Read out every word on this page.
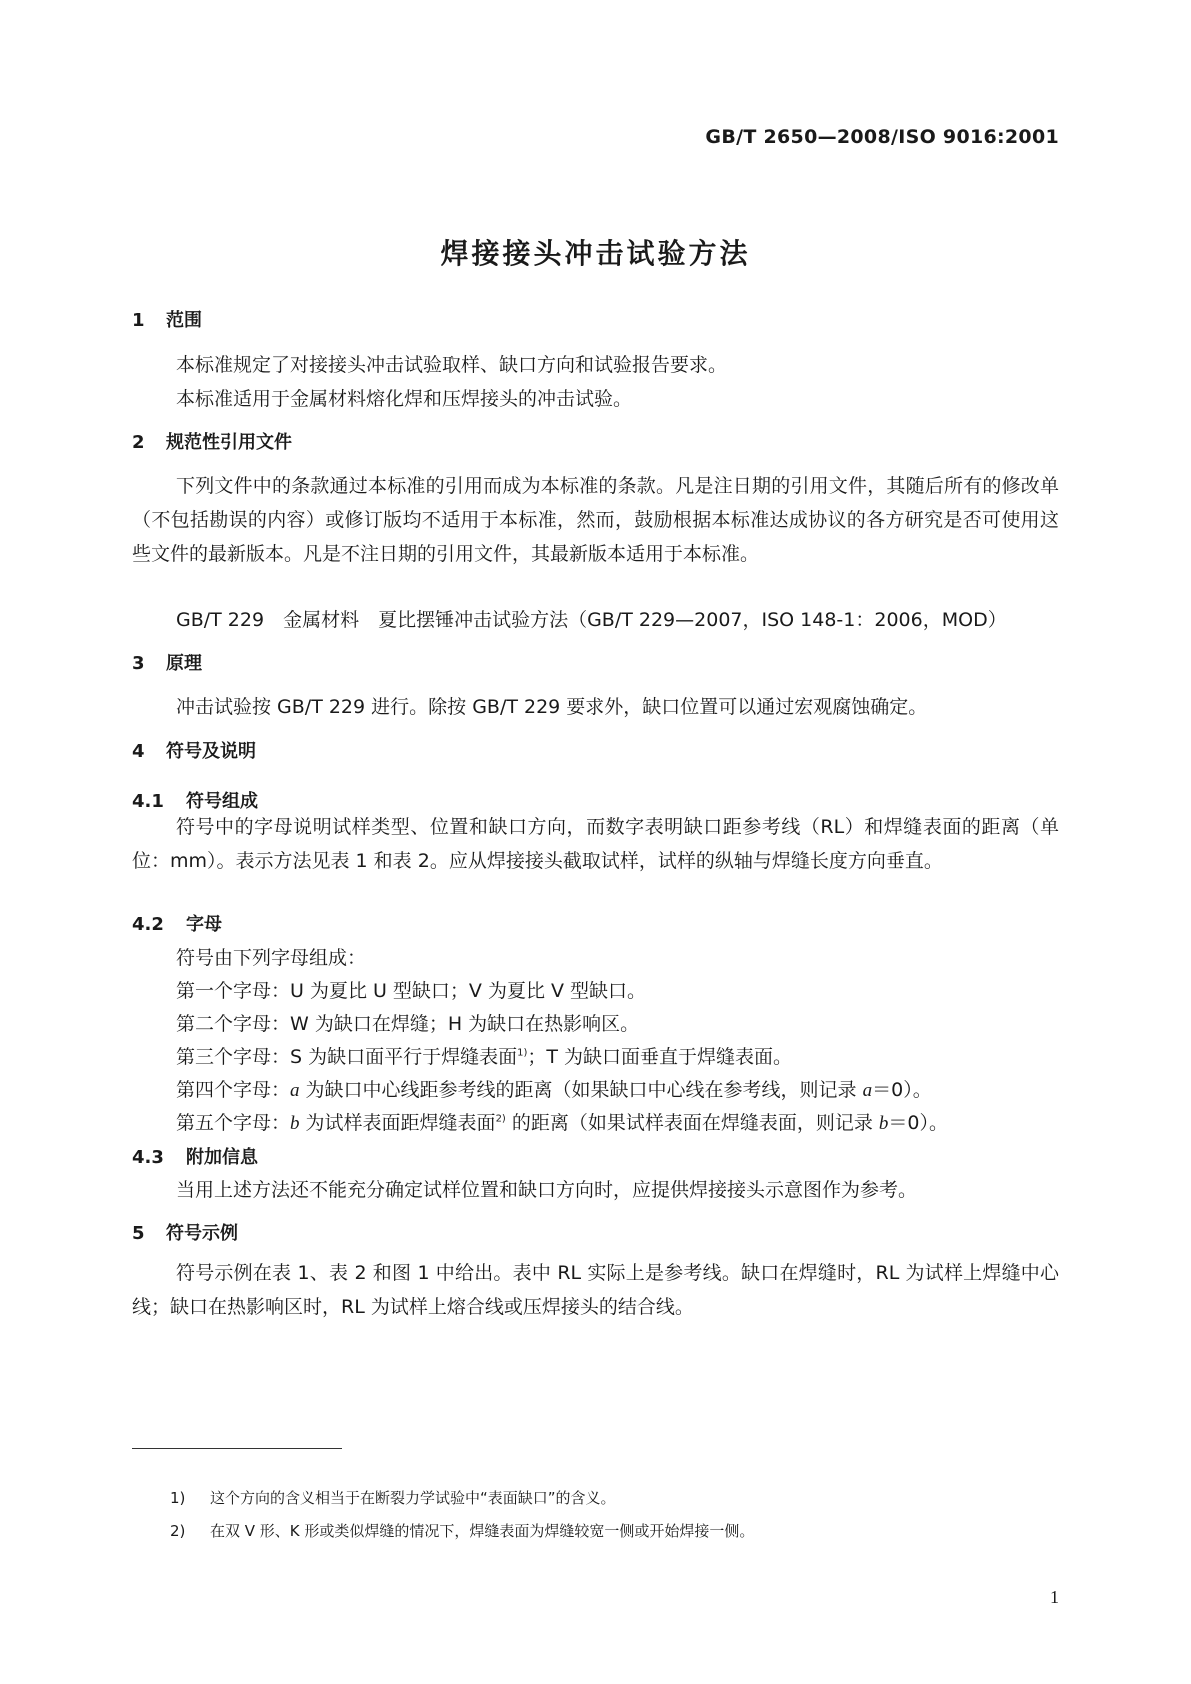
GB/T 2650—2008/ISO 9016:2001
焊接接头冲击试验方法
1 范围
本标准规定了对接接头冲击试验取样、缺口方向和试验报告要求。
本标准适用于金属材料熔化焊和压焊接头的冲击试验。
2 规范性引用文件

下列文件中的条款通过本标准的引用而成为本标准的条款。凡是注日期的引用文件，其随后所有的修改单（不包括勘误的内容）或修订版均不适用于本标准，然而，鼓励根据本标准达成协议的各方研究是否可使用这些文件的最新版本。凡是不注日期的引用文件，其最新版本适用于本标准。

GB/T 229　金属材料　夏比摆锤冲击试验方法（GB/T 229—2007，ISO 148-1：2006，MOD）
3 原理
冲击试验按 GB/T 229 进行。除按 GB/T 229 要求外，缺口位置可以通过宏观腐蚀确定。
4 符号及说明
4.1 符号组成

符号中的字母说明试样类型、位置和缺口方向，而数字表明缺口距参考线（RL）和焊缝表面的距离（单位：mm）。表示方法见表 1 和表 2。应从焊接接头截取试样，试样的纵轴与焊缝长度方向垂直。

4.2 字母
符号由下列字母组成：
第一个字母：U 为夏比 U 型缺口；V 为夏比 V 型缺口。
第二个字母：W 为缺口在焊缝；H 为缺口在热影响区。
第三个字母：S 为缺口面平行于焊缝表面$^{1)}$；T 为缺口面垂直于焊缝表面。
第四个字母：a 为缺口中心线距参考线的距离（如果缺口中心线在参考线，则记录 a＝0）。
第五个字母：b 为试样表面距焊缝表面$^{2)}$ 的距离（如果试样表面在焊缝表面，则记录 b＝0）。
4.3 附加信息
当用上述方法还不能充分确定试样位置和缺口方向时，应提供焊接接头示意图作为参考。
5 符号示例

符号示例在表 1、表 2 和图 1 中给出。表中 RL 实际上是参考线。缺口在焊缝时，RL 为试样上焊缝中心线；缺口在热影响区时，RL 为试样上熔合线或压焊接头的结合线。

1) 这个方向的含义相当于在断裂力学试验中“表面缺口”的含义。
2) 在双 V 形、K 形或类似焊缝的情况下，焊缝表面为焊缝较宽一侧或开始焊接一侧。
1
